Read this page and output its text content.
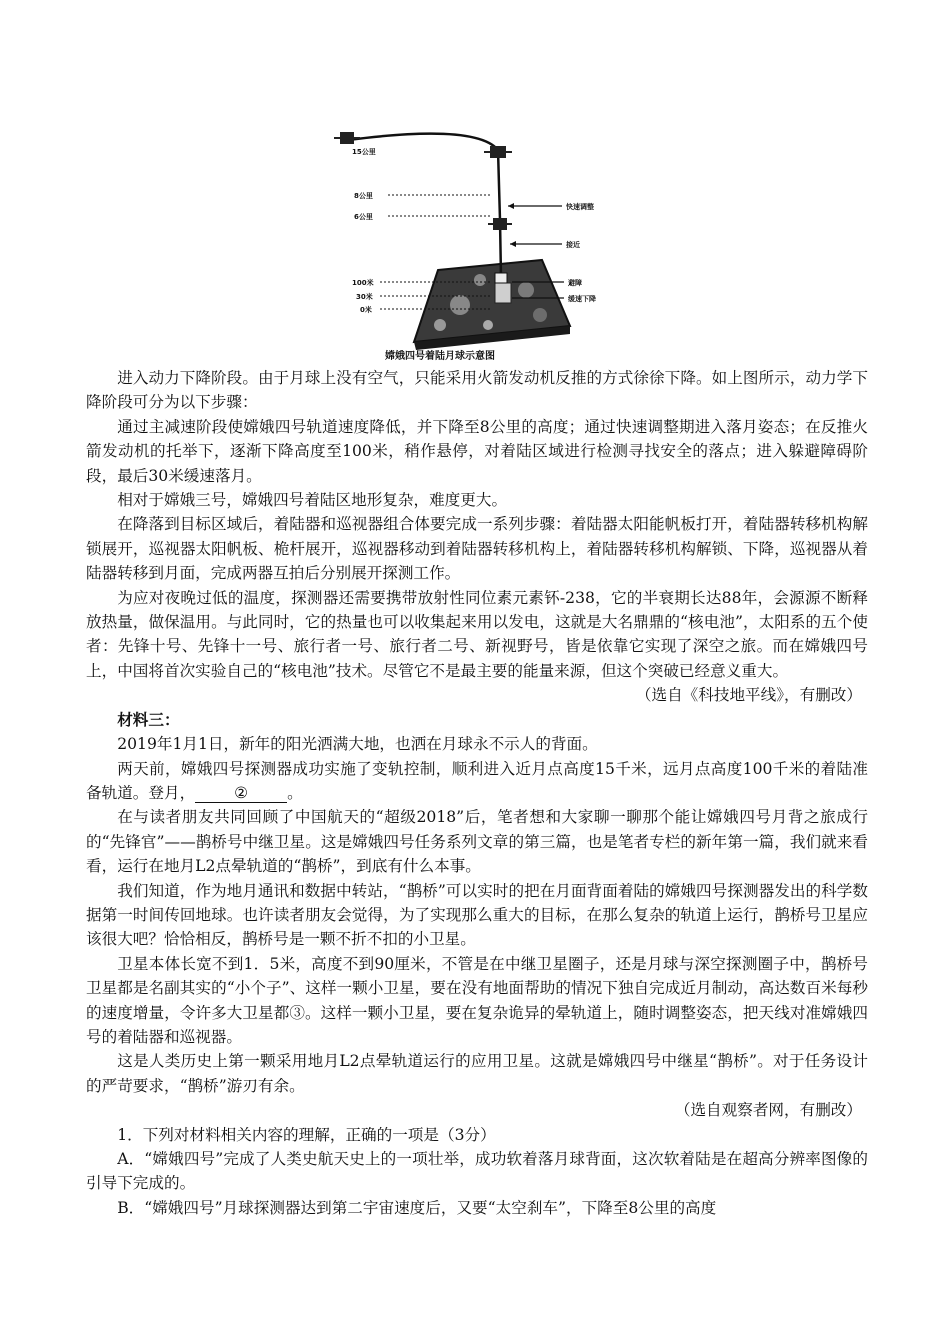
15公里
8公里
6公里
100米
30米
0米
快速调整
接近
避障
缓速下降
嫦娥四号着陆月球示意图

进入动力下降阶段。由于月球上没有空气，只能采用火箭发动机反推的方式徐徐下降。如上图所示，动力学下降阶段可分为以下步骤：

通过主减速阶段使嫦娥四号轨道速度降低，并下降至8公里的高度；通过快速调整期进入落月姿态；在反推火箭发动机的托举下，逐渐下降高度至100米，稍作悬停，对着陆区域进行检测寻找安全的落点；进入躲避障碍阶段，最后30米缓速落月。

相对于嫦娥三号，嫦娥四号着陆区地形复杂，难度更大。

在降落到目标区域后，着陆器和巡视器组合体要完成一系列步骤：着陆器太阳能帆板打开，着陆器转移机构解锁展开，巡视器太阳帆板、桅杆展开，巡视器移动到着陆器转移机构上，着陆器转移机构解锁、下降，巡视器从着陆器转移到月面，完成两器互拍后分别展开探测工作。

为应对夜晚过低的温度，探测器还需要携带放射性同位素元素钚-238，它的半衰期长达88年，会源源不断释放热量，做保温用。与此同时，它的热量也可以收集起来用以发电，这就是大名鼎鼎的“核电池”，太阳系的五个使者：先锋十号、先锋十一号、旅行者一号、旅行者二号、新视野号，皆是依靠它实现了深空之旅。而在嫦娥四号上，中国将首次实验自己的“核电池”技术。尽管它不是最主要的能量来源，但这个突破已经意义重大。

（选自《科技地平线》，有删改）

材料三：

2019年1月1日，新年的阳光洒满大地，也洒在月球永不示人的背面。

两天前，嫦娥四号探测器成功实施了变轨控制，顺利进入近月点高度15千米，远月点高度100千米的着陆准备轨道。登月，	②	。

在与读者朋友共同回顾了中国航天的“超级2018”后，笔者想和大家聊一聊那个能让嫦娥四号月背之旅成行的“先锋官”——鹊桥号中继卫星。这是嫦娥四号任务系列文章的第三篇，也是笔者专栏的新年第一篇，我们就来看看，运行在地月L2点晕轨道的“鹊桥”，到底有什么本事。

我们知道，作为地月通讯和数据中转站，“鹊桥”可以实时的把在月面背面着陆的嫦娥四号探测器发出的科学数据第一时间传回地球。也许读者朋友会觉得，为了实现那么重大的目标，在那么复杂的轨道上运行，鹊桥号卫星应该很大吧？恰恰相反，鹊桥号是一颗不折不扣的小卫星。

卫星本体长宽不到1．5米，高度不到90厘米，不管是在中继卫星圈子，还是月球与深空探测圈子中，鹊桥号卫星都是名副其实的“小个子”、这样一颗小卫星，要在没有地面帮助的情况下独自完成近月制动，高达数百米每秒的速度增量，令许多大卫星都③。这样一颗小卫星，要在复杂诡异的晕轨道上，随时调整姿态，把天线对准嫦娥四号的着陆器和巡视器。

这是人类历史上第一颗采用地月L2点晕轨道运行的应用卫星。这就是嫦娥四号中继星“鹊桥”。对于任务设计的严苛要求，“鹊桥”游刃有余。

（选自观察者网，有删改）

1．下列对材料相关内容的理解，正确的一项是（3分）

A．“嫦娥四号”完成了人类史航天史上的一项壮举，成功软着落月球背面，这次软着陆是在超高分辨率图像的引导下完成的。

B．“嫦娥四号”月球探测器达到第二宇宙速度后，又要“太空刹车”，下降至8公里的高度
